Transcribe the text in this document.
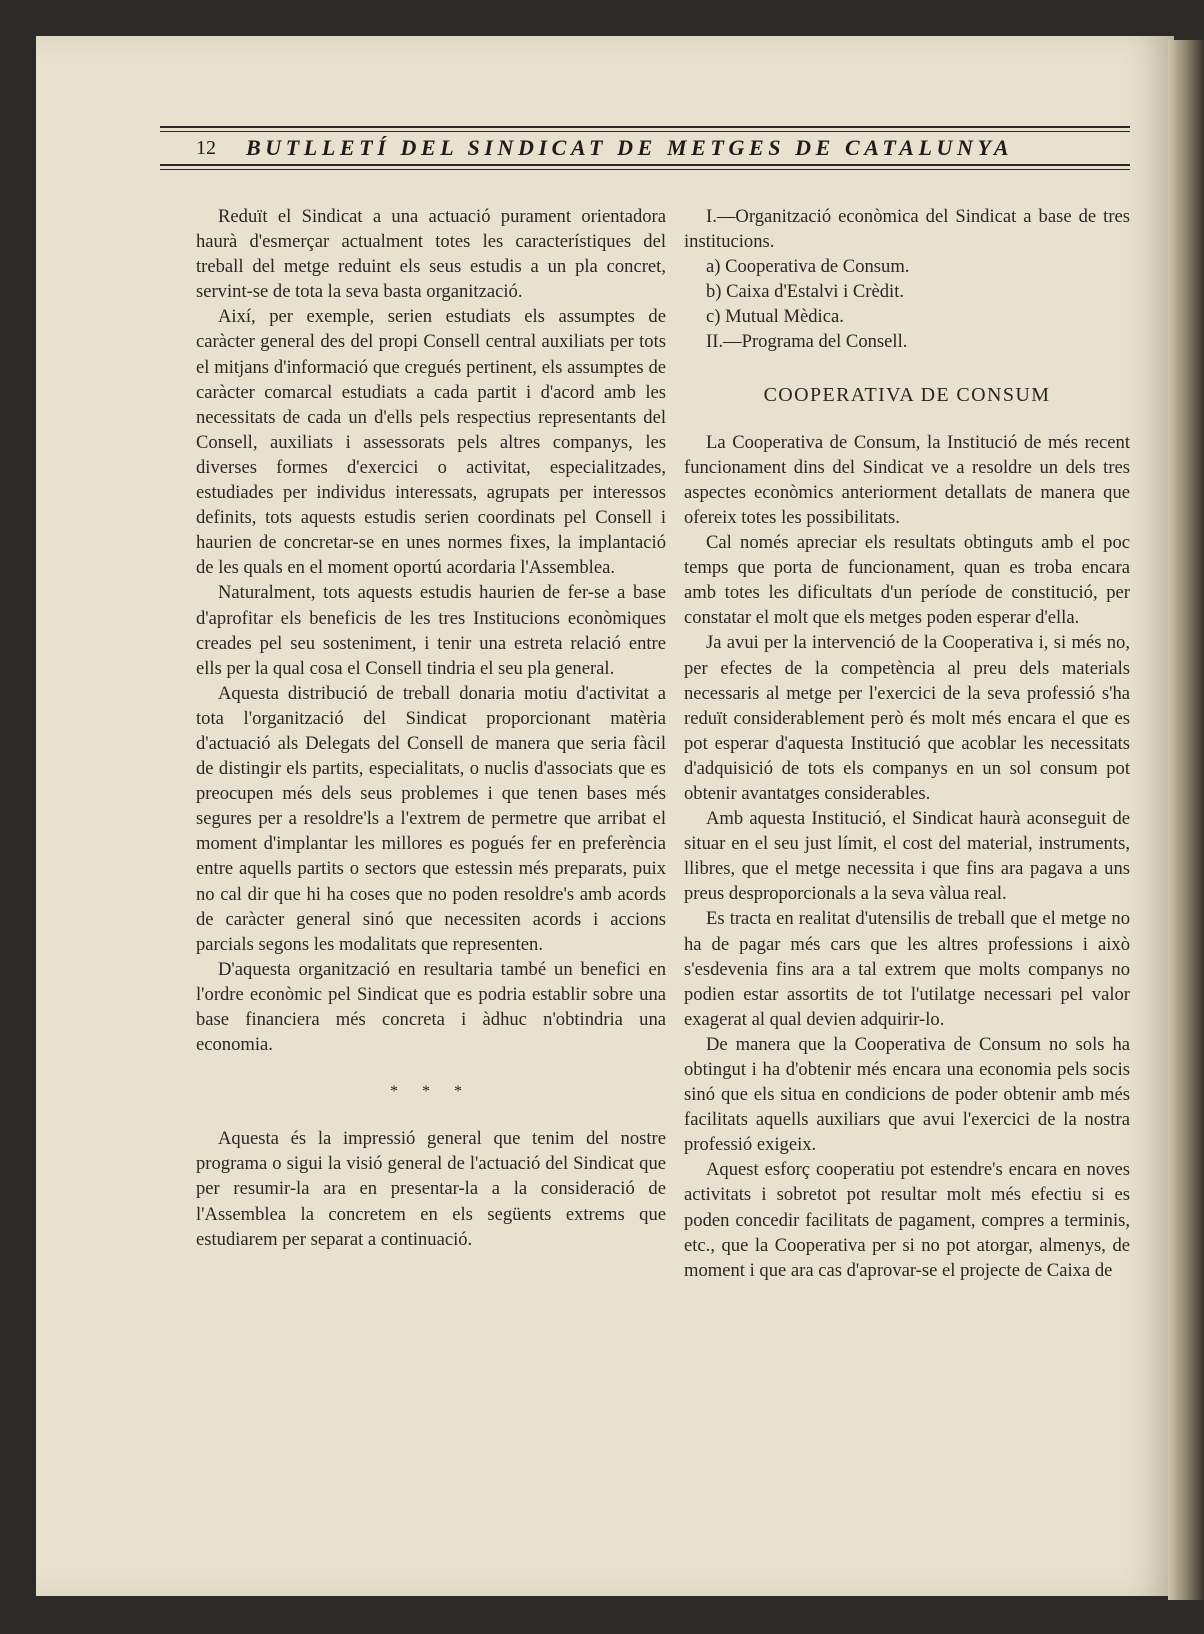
12 BUTLLETÍ DEL SINDICAT DE METGES DE CATALUNYA

Reduït el Sindicat a una actuació purament orientadora haurà d'esmerçar actualment totes les característiques del treball del metge reduint els seus estudis a un pla concret, servint-se de tota la seva basta organització.

Així, per exemple, serien estudiats els assumptes de caràcter general des del propi Consell central auxiliats per tots el mitjans d'informació que cregués pertinent, els assumptes de caràcter comarcal estudiats a cada partit i d'acord amb les necessitats de cada un d'ells pels respectius representants del Consell, auxiliats i assessorats pels altres companys, les diverses formes d'exercici o activitat, especialitzades, estudiades per individus interessats, agrupats per interessos definits, tots aquests estudis serien coordinats pel Consell i haurien de concretar-se en unes normes fixes, la implantació de les quals en el moment oportú acordaria l'Assemblea.

Naturalment, tots aquests estudis haurien de fer-se a base d'aprofitar els beneficis de les tres Institucions econòmiques creades pel seu sosteniment, i tenir una estreta relació entre ells per la qual cosa el Consell tindria el seu pla general.

Aquesta distribució de treball donaria motiu d'activitat a tota l'organització del Sindicat proporcionant matèria d'actuació als Delegats del Consell de manera que seria fàcil de distingir els partits, especialitats, o nuclis d'associats que es preocupen més dels seus problemes i que tenen bases més segures per a resoldre'ls a l'extrem de permetre que arribat el moment d'implantar les millores es pogués fer en preferència entre aquells partits o sectors que estessin més preparats, puix no cal dir que hi ha coses que no poden resoldre's amb acords de caràcter general sinó que necessiten acords i accions parcials segons les modalitats que representen.

D'aquesta organització en resultaria també un benefici en l'ordre econòmic pel Sindicat que es podria establir sobre una base financiera més concreta i àdhuc n'obtindria una economia.

* * *

Aquesta és la impressió general que tenim del nostre programa o sigui la visió general de l'actuació del Sindicat que per resumir-la ara en presentar-la a la consideració de l'Assemblea la concretem en els següents extrems que estudiarem per separat a continuació.

I.—Organització econòmica del Sindicat a base de tres institucions.

a) Cooperativa de Consum.

b) Caixa d'Estalvi i Crèdit.

c) Mutual Mèdica.

II.—Programa del Consell.

COOPERATIVA DE CONSUM

La Cooperativa de Consum, la Institució de més recent funcionament dins del Sindicat ve a resoldre un dels tres aspectes econòmics anteriorment detallats de manera que ofereix totes les possibilitats.

Cal només apreciar els resultats obtinguts amb el poc temps que porta de funcionament, quan es troba encara amb totes les dificultats d'un període de constitució, per constatar el molt que els metges poden esperar d'ella.

Ja avui per la intervenció de la Cooperativa i, si més no, per efectes de la competència al preu dels materials necessaris al metge per l'exercici de la seva professió s'ha reduït considerablement però és molt més encara el que es pot esperar d'aquesta Institució que acoblar les necessitats d'adquisició de tots els companys en un sol consum pot obtenir avantatges considerables.

Amb aquesta Institució, el Sindicat haurà aconseguit de situar en el seu just límit, el cost del material, instruments, llibres, que el metge necessita i que fins ara pagava a uns preus desproporcionals a la seva vàlua real.

Es tracta en realitat d'utensilis de treball que el metge no ha de pagar més cars que les altres professions i això s'esdevenia fins ara a tal extrem que molts companys no podien estar assortits de tot l'utilatge necessari pel valor exagerat al qual devien adquirir-lo.

De manera que la Cooperativa de Consum no sols ha obtingut i ha d'obtenir més encara una economia pels socis sinó que els situa en condicions de poder obtenir amb més facilitats aquells auxiliars que avui l'exercici de la nostra professió exigeix.

Aquest esforç cooperatiu pot estendre's encara en noves activitats i sobretot pot resultar molt més efectiu si es poden concedir facilitats de pagament, compres a terminis, etc., que la Cooperativa per si no pot atorgar, almenys, de moment i que ara cas d'aprovar-se el projecte de Caixa de
